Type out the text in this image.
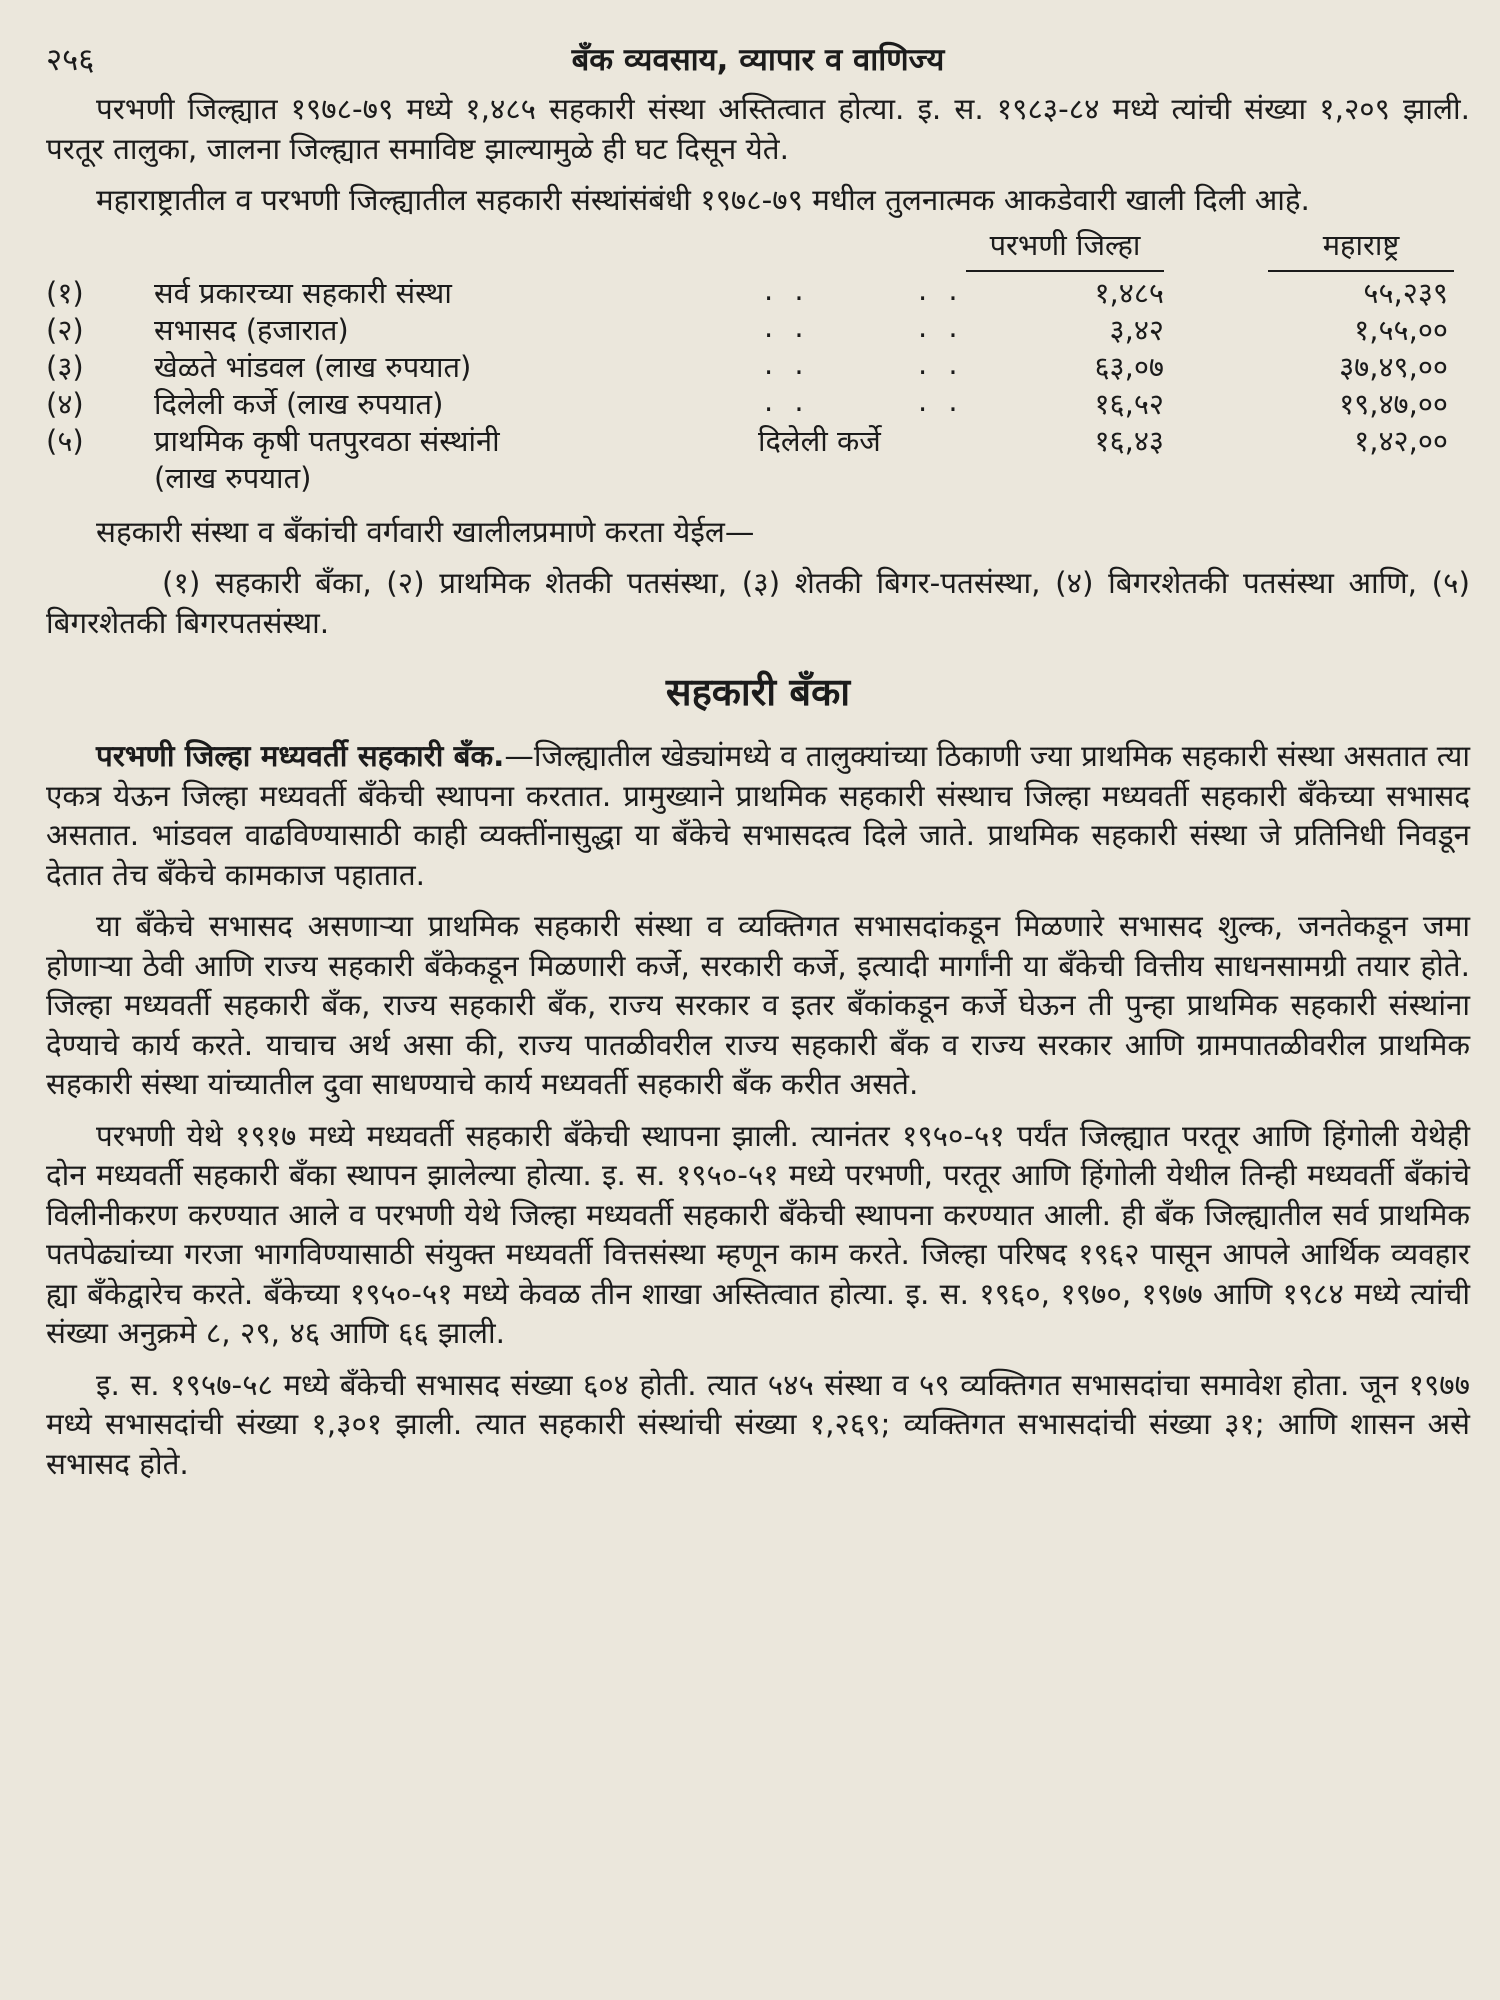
२५६	बँक व्यवसाय, व्यापार व वाणिज्य

परभणी जिल्ह्यात १९७८-७९ मध्ये १,४८५ सहकारी संस्था अस्तित्वात होत्या. इ. स. १९८३-८४ मध्ये त्यांची संख्या १,२०९ झाली. परतूर तालुका, जालना जिल्ह्यात समाविष्ट झाल्यामुळे ही घट दिसून येते.

महाराष्ट्रातील व परभणी जिल्ह्यातील सहकारी संस्थांसंबंधी १९७८-७९ मधील तुलनात्मक आकडेवारी खाली दिली आहे.

परभणी जिल्हा	महाराष्ट्र
(१) सर्व प्रकारच्या सहकारी संस्था	. .	. .	१,४८५	५५,२३९
(२) सभासद (हजारात)	. .	. .	३,४२	१,५५,००
(३) खेळते भांडवल (लाख रुपयात)	. .	. .	६३,०७	३७,४९,००
(४) दिलेली कर्जे (लाख रुपयात)	. .	. .	१६,५२	१९,४७,००
(५) प्राथमिक कृषी पतपुरवठा संस्थांनी	दिलेली कर्जे	१६,४३	१,४२,००
(लाख रुपयात)

सहकारी संस्था व बँकांची वर्गवारी खालीलप्रमाणे करता येईल—

(१) सहकारी बँका, (२) प्राथमिक शेतकी पतसंस्था, (३) शेतकी बिगर-पतसंस्था, (४) बिगरशेतकी पतसंस्था आणि, (५) बिगरशेतकी बिगरपतसंस्था.

सहकारी बँका

परभणी जिल्हा मध्यवर्ती सहकारी बँक.—जिल्ह्यातील खेड्यांमध्ये व तालुक्यांच्या ठिकाणी ज्या प्राथमिक सहकारी संस्था असतात त्या एकत्र येऊन जिल्हा मध्यवर्ती बँकेची स्थापना करतात. प्रामुख्याने प्राथमिक सहकारी संस्थाच जिल्हा मध्यवर्ती सहकारी बँकेच्या सभासद असतात. भांडवल वाढविण्यासाठी काही व्यक्तींनासुद्धा या बँकेचे सभासदत्व दिले जाते. प्राथमिक सहकारी संस्था जे प्रतिनिधी निवडून देतात तेच बँकेचे कामकाज पहातात.

या बँकेचे सभासद असणाऱ्या प्राथमिक सहकारी संस्था व व्यक्तिगत सभासदांकडून मिळणारे सभासद शुल्क, जनतेकडून जमा होणाऱ्या ठेवी आणि राज्य सहकारी बँकेकडून मिळणारी कर्जे, सरकारी कर्जे, इत्यादी मार्गांनी या बँकेची वित्तीय साधनसामग्री तयार होते. जिल्हा मध्यवर्ती सहकारी बँक, राज्य सहकारी बँक, राज्य सरकार व इतर बँकांकडून कर्जे घेऊन ती पुन्हा प्राथमिक सहकारी संस्थांना देण्याचे कार्य करते. याचाच अर्थ असा की, राज्य पातळीवरील राज्य सहकारी बँक व राज्य सरकार आणि ग्रामपातळीवरील प्राथमिक सहकारी संस्था यांच्यातील दुवा साधण्याचे कार्य मध्यवर्ती सहकारी बँक करीत असते.

परभणी येथे १९१७ मध्ये मध्यवर्ती सहकारी बँकेची स्थापना झाली. त्यानंतर १९५०-५१ पर्यंत जिल्ह्यात परतूर आणि हिंगोली येथेही दोन मध्यवर्ती सहकारी बँका स्थापन झालेल्या होत्या. इ. स. १९५०-५१ मध्ये परभणी, परतूर आणि हिंगोली येथील तिन्ही मध्यवर्ती बँकांचे विलीनीकरण करण्यात आले व परभणी येथे जिल्हा मध्यवर्ती सहकारी बँकेची स्थापना करण्यात आली. ही बँक जिल्ह्यातील सर्व प्राथमिक पतपेढ्यांच्या गरजा भागविण्यासाठी संयुक्त मध्यवर्ती वित्तसंस्था म्हणून काम करते. जिल्हा परिषद १९६२ पासून आपले आर्थिक व्यवहार ह्या बँकेद्वारेच करते. बँकेच्या १९५०-५१ मध्ये केवळ तीन शाखा अस्तित्वात होत्या. इ. स. १९६०, १९७०, १९७७ आणि १९८४ मध्ये त्यांची संख्या अनुक्रमे ८, २९, ४६ आणि ६६ झाली.

इ. स. १९५७-५८ मध्ये बँकेची सभासद संख्या ६०४ होती. त्यात ५४५ संस्था व ५९ व्यक्तिगत सभासदांचा समावेश होता. जून १९७७ मध्ये सभासदांची संख्या १,३०१ झाली. त्यात सहकारी संस्थांची संख्या १,२६९; व्यक्तिगत सभासदांची संख्या ३१; आणि शासन असे सभासद होते.
